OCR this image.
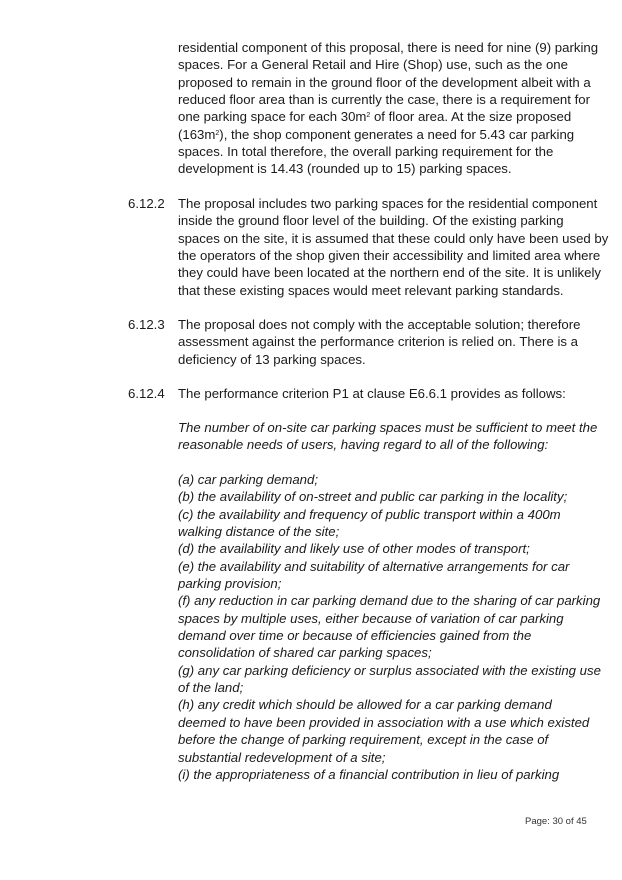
residential component of this proposal, there is need for nine (9) parking
spaces. For a General Retail and Hire (Shop) use, such as the one
proposed to remain in the ground floor of the development albeit with a
reduced floor area than is currently the case, there is a requirement for
one parking space for each $30m^2$ of floor area. At the size proposed
$(163m^2)$, the shop component generates a need for 5.43 car parking
spaces. In total therefore, the overall parking requirement for the
development is 14.43 (rounded up to 15) parking spaces.
6.12.2	The proposal includes two parking spaces for the residential component
inside the ground floor level of the building. Of the existing parking
spaces on the site, it is assumed that these could only have been used by
the operators of the shop given their accessibility and limited area where
they could have been located at the northern end of the site. It is unlikely
that these existing spaces would meet relevant parking standards.
6.12.3	The proposal does not comply with the acceptable solution; therefore
assessment against the performance criterion is relied on. There is a
deficiency of 13 parking spaces.
6.12.4	The performance criterion P1 at clause E6.6.1 provides as follows:
The number of on-site car parking spaces must be sufficient to meet the
reasonable needs of users, having regard to all of the following:
(a) car parking demand;
(b) the availability of on-street and public car parking in the locality;
(c) the availability and frequency of public transport within a 400m
walking distance of the site;
(d) the availability and likely use of other modes of transport;
(e) the availability and suitability of alternative arrangements for car
parking provision;
(f) any reduction in car parking demand due to the sharing of car parking
spaces by multiple uses, either because of variation of car parking
demand over time or because of efficiencies gained from the
consolidation of shared car parking spaces;
(g) any car parking deficiency or surplus associated with the existing use
of the land;
(h) any credit which should be allowed for a car parking demand
deemed to have been provided in association with a use which existed
before the change of parking requirement, except in the case of
substantial redevelopment of a site;
(i) the appropriateness of a financial contribution in lieu of parking
Page: 30 of 45
